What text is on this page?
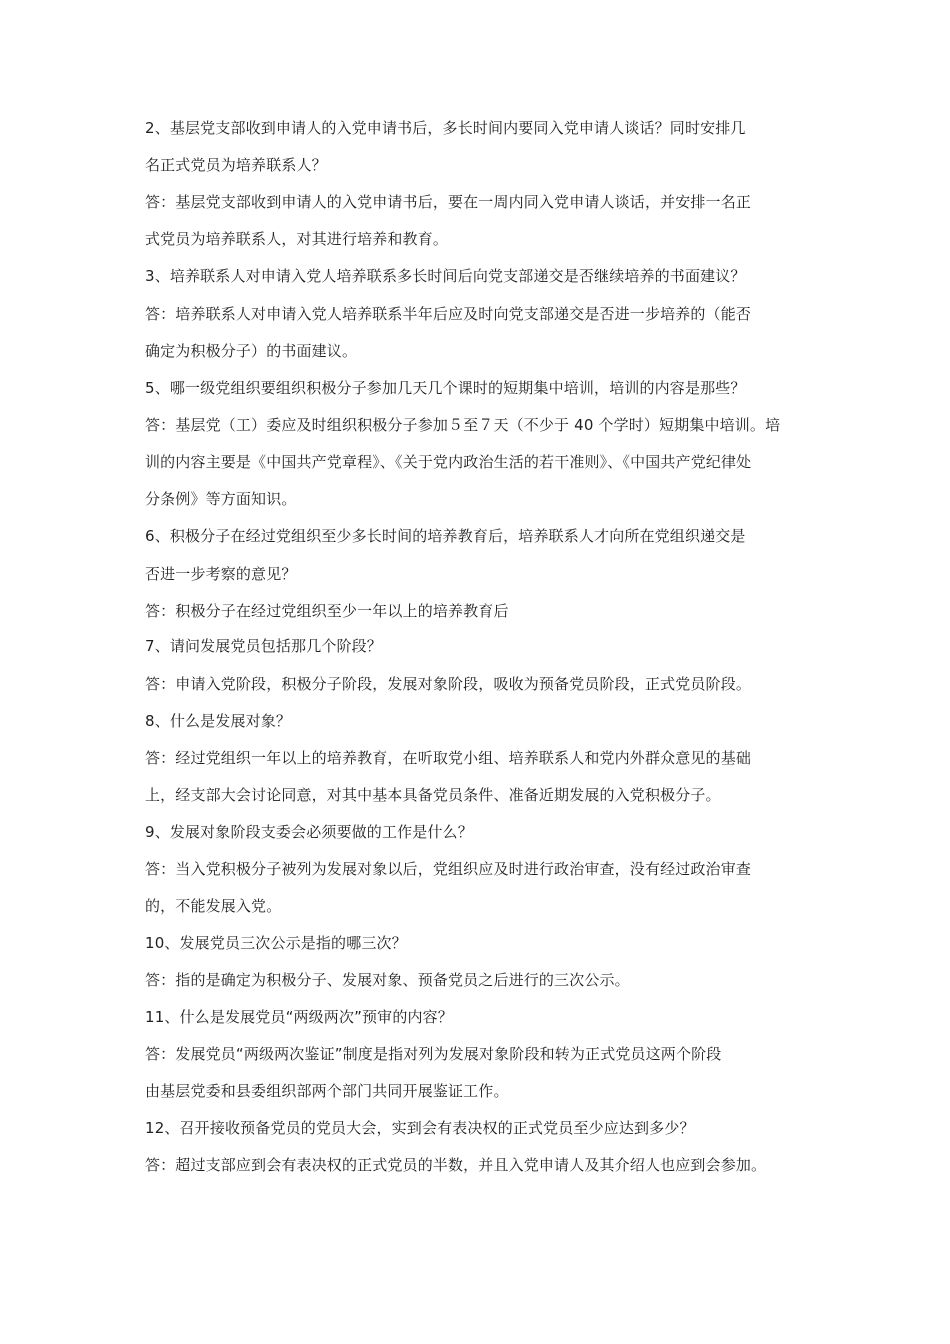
2、基层党支部收到申请人的入党申请书后，多长时间内要同入党申请人谈话？同时安排几
名正式党员为培养联系人？
答：基层党支部收到申请人的入党申请书后，要在一周内同入党申请人谈话，并安排一名正
式党员为培养联系人，对其进行培养和教育。
3、培养联系人对申请入党人培养联系多长时间后向党支部递交是否继续培养的书面建议？
答：培养联系人对申请入党人培养联系半年后应及时向党支部递交是否进一步培养的（能否
确定为积极分子）的书面建议。
5、哪一级党组织要组织积极分子参加几天几个课时的短期集中培训，培训的内容是那些？
答：基层党（工）委应及时组织积极分子参加５至７天（不少于 40 个学时）短期集中培训。培
训的内容主要是《中国共产党章程》、《关于党内政治生活的若干准则》、《中国共产党纪律处
分条例》等方面知识。
6、积极分子在经过党组织至少多长时间的培养教育后，培养联系人才向所在党组织递交是
否进一步考察的意见？
答：积极分子在经过党组织至少一年以上的培养教育后
7、请问发展党员包括那几个阶段？
答：申请入党阶段，积极分子阶段，发展对象阶段，吸收为预备党员阶段，正式党员阶段。
8、什么是发展对象？
答：经过党组织一年以上的培养教育，在听取党小组、培养联系人和党内外群众意见的基础
上，经支部大会讨论同意，对其中基本具备党员条件、准备近期发展的入党积极分子。
9、发展对象阶段支委会必须要做的工作是什么？
答：当入党积极分子被列为发展对象以后，党组织应及时进行政治审查，没有经过政治审查
的，不能发展入党。
10、发展党员三次公示是指的哪三次？
答：指的是确定为积极分子、发展对象、预备党员之后进行的三次公示。
11、什么是发展党员“两级两次”预审的内容？
答：发展党员“两级两次鉴证”制度是指对列为发展对象阶段和转为正式党员这两个阶段
由基层党委和县委组织部两个部门共同开展鉴证工作。
12、召开接收预备党员的党员大会，实到会有表决权的正式党员至少应达到多少？
答：超过支部应到会有表决权的正式党员的半数，并且入党申请人及其介绍人也应到会参加。
